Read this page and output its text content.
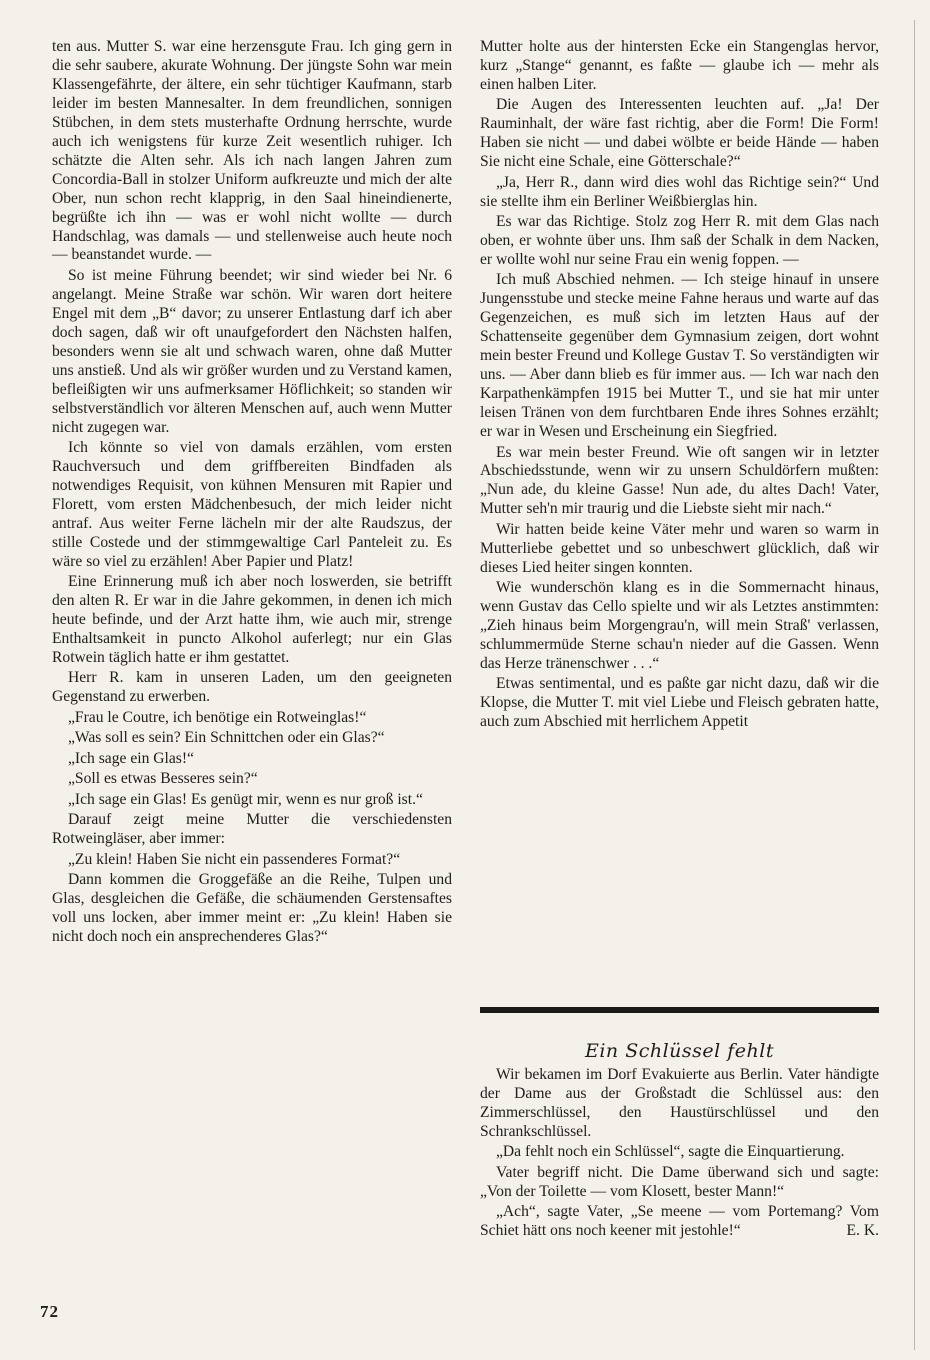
ten aus. Mutter S. war eine herzensgute Frau. Ich ging gern in die sehr saubere, akurate Wohnung. Der jüngste Sohn war mein Klassengefährte, der ältere, ein sehr tüchtiger Kaufmann, starb leider im besten Mannesalter. In dem freundlichen, sonnigen Stübchen, in dem stets musterhafte Ordnung herrschte, wurde auch ich wenigstens für kurze Zeit wesentlich ruhiger. Ich schätzte die Alten sehr. Als ich nach langen Jahren zum Concordia-Ball in stolzer Uniform aufkreuzte und mich der alte Ober, nun schon recht klapprig, in den Saal hineindienerte, begrüßte ich ihn — was er wohl nicht wollte — durch Handschlag, was damals — und stellenweise auch heute noch — beanstandet wurde. —

So ist meine Führung beendet; wir sind wieder bei Nr. 6 angelangt. Meine Straße war schön. Wir waren dort heitere Engel mit dem „B“ davor; zu unserer Entlastung darf ich aber doch sagen, daß wir oft unaufgefordert den Nächsten halfen, besonders wenn sie alt und schwach waren, ohne daß Mutter uns anstieß. Und als wir größer wurden und zu Verstand kamen, befleißigten wir uns aufmerksamer Höflichkeit; so standen wir selbstverständlich vor älteren Menschen auf, auch wenn Mutter nicht zugegen war.

Ich könnte so viel von damals erzählen, vom ersten Rauchversuch und dem griffbereiten Bindfaden als notwendiges Requisit, von kühnen Mensuren mit Rapier und Florett, vom ersten Mädchenbesuch, der mich leider nicht antraf. Aus weiter Ferne lächeln mir der alte Raudszus, der stille Costede und der stimmgewaltige Carl Panteleit zu. Es wäre so viel zu erzählen! Aber Papier und Platz!

Eine Erinnerung muß ich aber noch loswerden, sie betrifft den alten R. Er war in die Jahre gekommen, in denen ich mich heute befinde, und der Arzt hatte ihm, wie auch mir, strenge Enthaltsamkeit in puncto Alkohol auferlegt; nur ein Glas Rotwein täglich hatte er ihm gestattet.

Herr R. kam in unseren Laden, um den geeigneten Gegenstand zu erwerben.

„Frau le Coutre, ich benötige ein Rotweinglas!“

„Was soll es sein? Ein Schnittchen oder ein Glas?“

„Ich sage ein Glas!“

„Soll es etwas Besseres sein?“

„Ich sage ein Glas! Es genügt mir, wenn es nur groß ist.“

Darauf zeigt meine Mutter die verschiedensten Rotweingläser, aber immer:

„Zu klein! Haben Sie nicht ein passenderes Format?“

Dann kommen die Groggefäße an die Reihe, Tulpen und Glas, desgleichen die Gefäße, die schäumenden Gerstensaftes voll uns locken, aber immer meint er: „Zu klein! Haben sie nicht doch noch ein ansprechenderes Glas?“

Mutter holte aus der hintersten Ecke ein Stangenglas hervor, kurz „Stange“ genannt, es faßte — glaube ich — mehr als einen halben Liter.

Die Augen des Interessenten leuchten auf. „Ja! Der Rauminhalt, der wäre fast richtig, aber die Form! Die Form! Haben sie nicht — und dabei wölbte er beide Hände — haben Sie nicht eine Schale, eine Götterschale?“

„Ja, Herr R., dann wird dies wohl das Richtige sein?“ Und sie stellte ihm ein Berliner Weißbierglas hin.

Es war das Richtige. Stolz zog Herr R. mit dem Glas nach oben, er wohnte über uns. Ihm saß der Schalk in dem Nacken, er wollte wohl nur seine Frau ein wenig foppen. —

Ich muß Abschied nehmen. — Ich steige hinauf in unsere Jungensstube und stecke meine Fahne heraus und warte auf das Gegenzeichen, es muß sich im letzten Haus auf der Schattenseite gegenüber dem Gymnasium zeigen, dort wohnt mein bester Freund und Kollege Gustav T. So verständigten wir uns. — Aber dann blieb es für immer aus. — Ich war nach den Karpathenkämpfen 1915 bei Mutter T., und sie hat mir unter leisen Tränen von dem furchtbaren Ende ihres Sohnes erzählt; er war in Wesen und Erscheinung ein Siegfried.

Es war mein bester Freund. Wie oft sangen wir in letzter Abschiedsstunde, wenn wir zu unsern Schuldörfern mußten: „Nun ade, du kleine Gasse! Nun ade, du altes Dach! Vater, Mutter seh'n mir traurig und die Liebste sieht mir nach.“

Wir hatten beide keine Väter mehr und waren so warm in Mutterliebe gebettet und so unbeschwert glücklich, daß wir dieses Lied heiter singen konnten.

Wie wunderschön klang es in die Sommernacht hinaus, wenn Gustav das Cello spielte und wir als Letztes anstimmten: „Zieh hinaus beim Morgengrau'n, will mein Straß' verlassen, schlummermüde Sterne schau'n nieder auf die Gassen. Wenn das Herze tränenschwer . . .“

Etwas sentimental, und es paßte gar nicht dazu, daß wir die Klopse, die Mutter T. mit viel Liebe und Fleisch gebraten hatte, auch zum Abschied mit herrlichem Appetit

Ein Schlüssel fehlt

Wir bekamen im Dorf Evakuierte aus Berlin. Vater händigte der Dame aus der Großstadt die Schlüssel aus: den Zimmerschlüssel, den Haustürschlüssel und den Schrankschlüssel.

„Da fehlt noch ein Schlüssel“, sagte die Einquartierung.

Vater begriff nicht. Die Dame überwand sich und sagte: „Von der Toilette — vom Klosett, bester Mann!“

„Ach“, sagte Vater, „Se meene — vom Portemang? Vom Schiet hätt ons noch keener mit jestohle!“	E. K.

72
